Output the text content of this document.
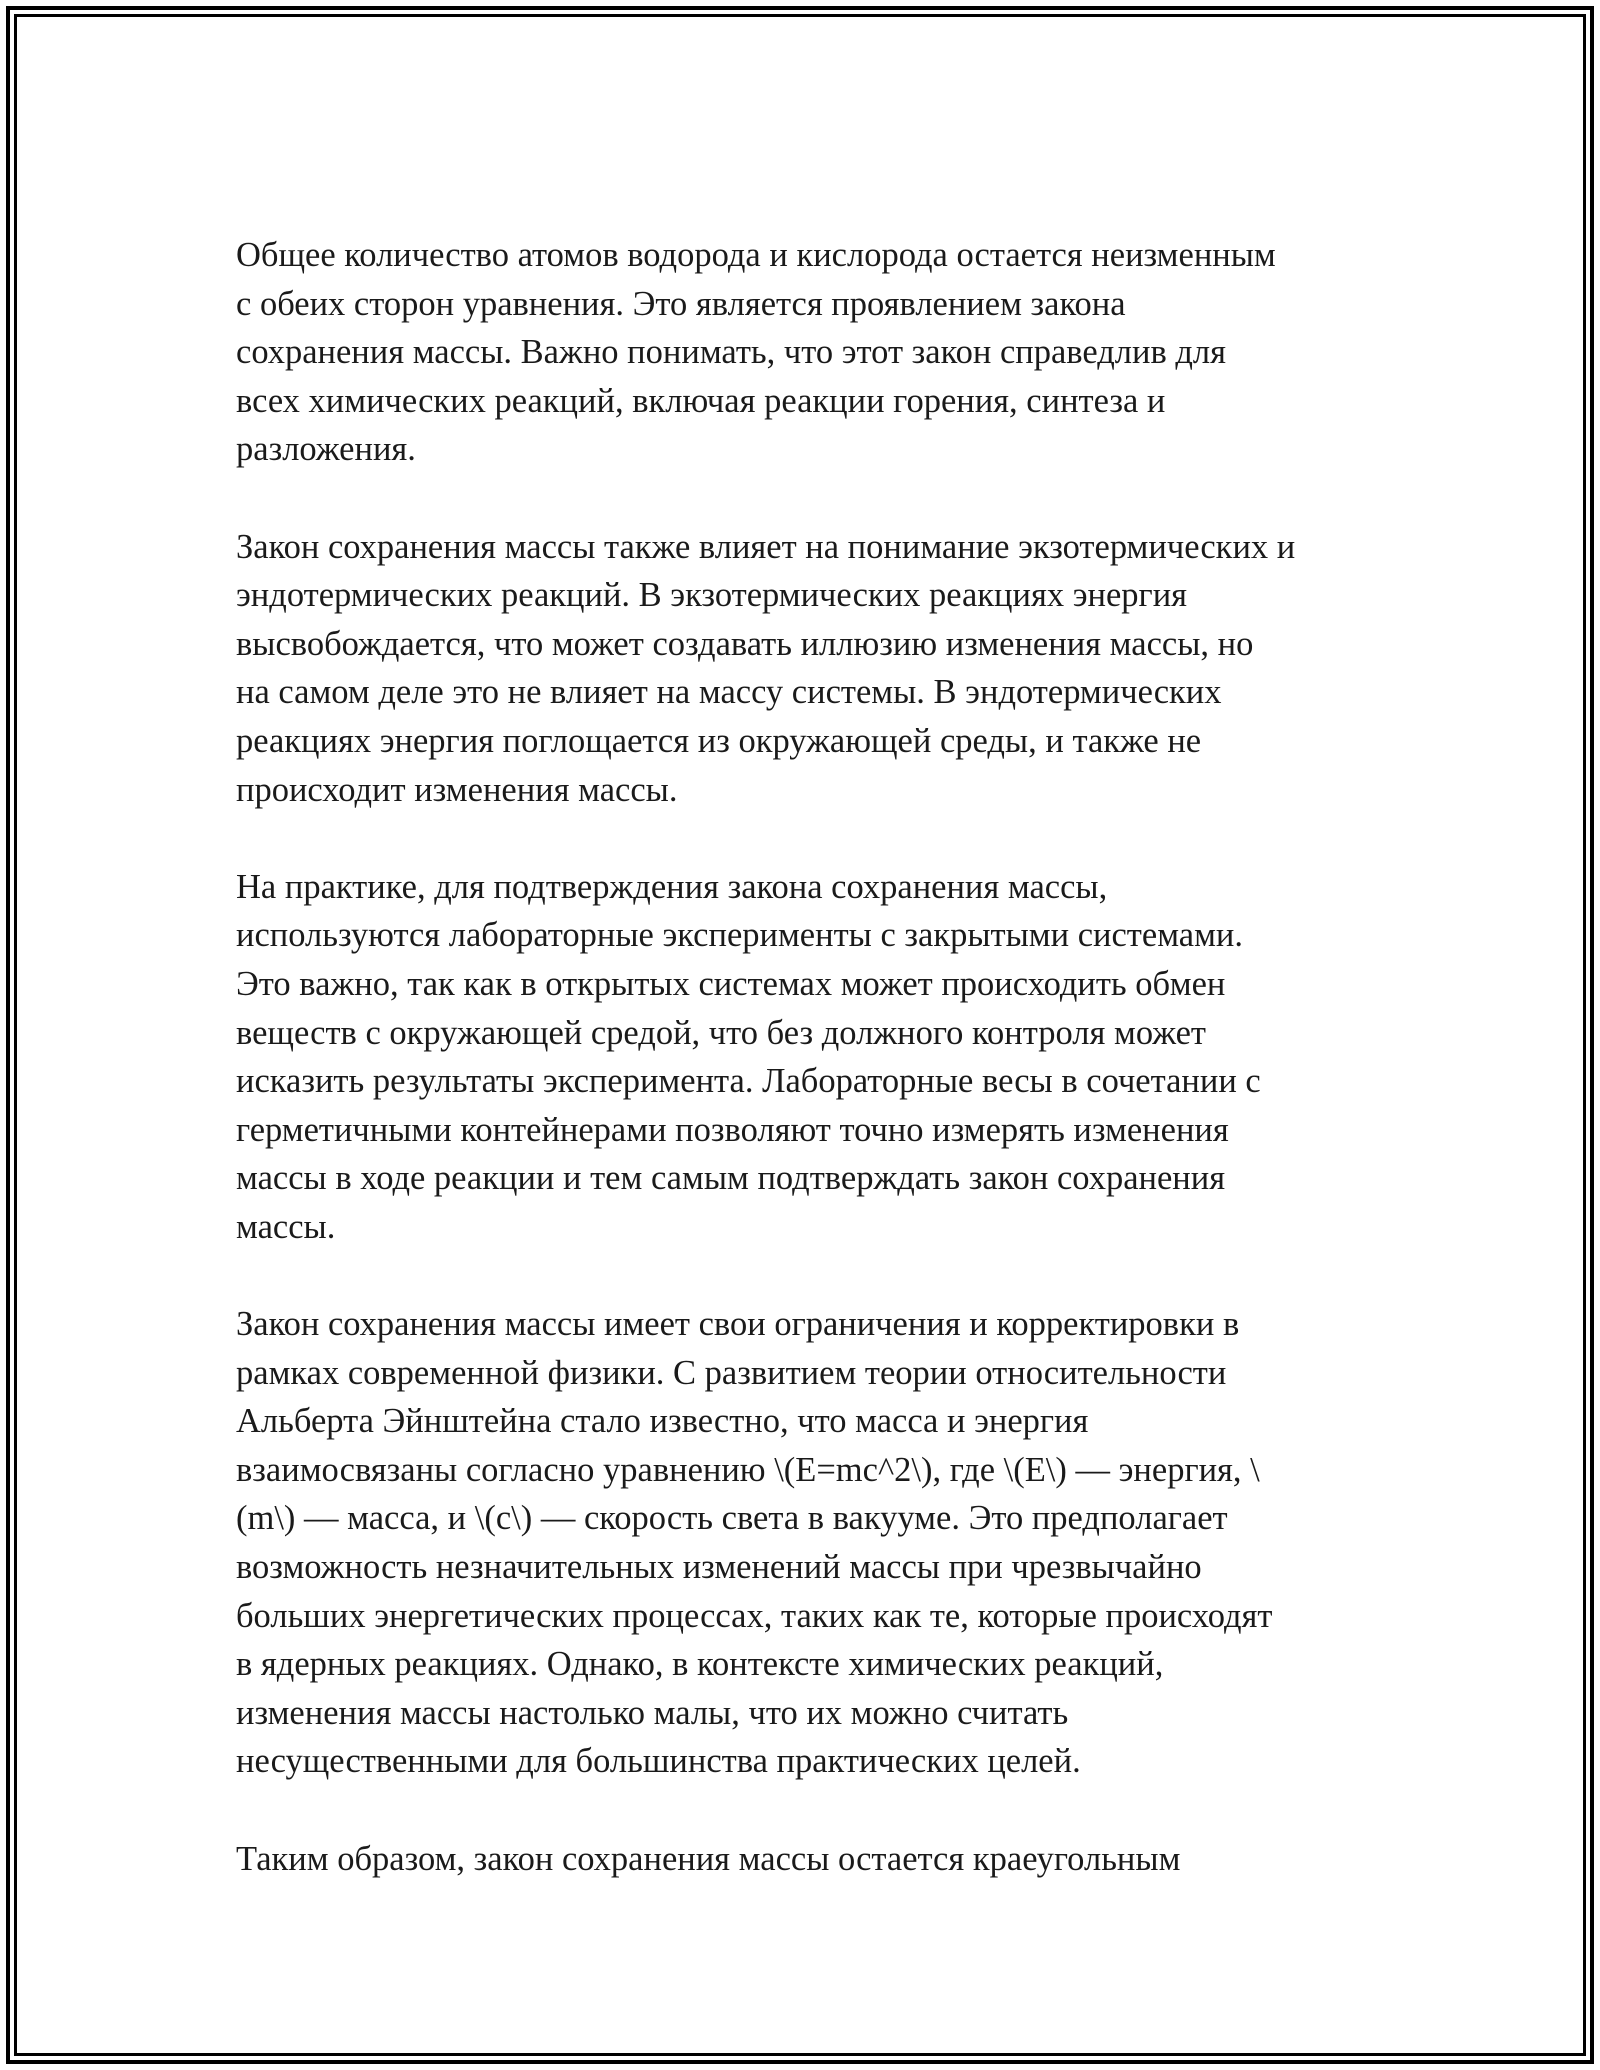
Общее количество атомов водорода и кислорода остается неизменным
с обеих сторон уравнения. Это является проявлением закона
сохранения массы. Важно понимать, что этот закон справедлив для
всех химических реакций, включая реакции горения, синтеза и
разложения.

Закон сохранения массы также влияет на понимание экзотермических и
эндотермических реакций. В экзотермических реакциях энергия
высвобождается, что может создавать иллюзию изменения массы, но
на самом деле это не влияет на массу системы. В эндотермических
реакциях энергия поглощается из окружающей среды, и также не
происходит изменения массы.

На практике, для подтверждения закона сохранения массы,
используются лабораторные эксперименты с закрытыми системами.
Это важно, так как в открытых системах может происходить обмен
веществ с окружающей средой, что без должного контроля может
исказить результаты эксперимента. Лабораторные весы в сочетании с
герметичными контейнерами позволяют точно измерять изменения
массы в ходе реакции и тем самым подтверждать закон сохранения
массы.

Закон сохранения массы имеет свои ограничения и корректировки в
рамках современной физики. С развитием теории относительности
Альберта Эйнштейна стало известно, что масса и энергия
взаимосвязаны согласно уравнению \(E=mc^2\), где \(E\) — энергия, \
(m\) — масса, и \(c\) — скорость света в вакууме. Это предполагает
возможность незначительных изменений массы при чрезвычайно
больших энергетических процессах, таких как те, которые происходят
в ядерных реакциях. Однако, в контексте химических реакций,
изменения массы настолько малы, что их можно считать
несущественными для большинства практических целей.

Таким образом, закон сохранения массы остается краеугольным
